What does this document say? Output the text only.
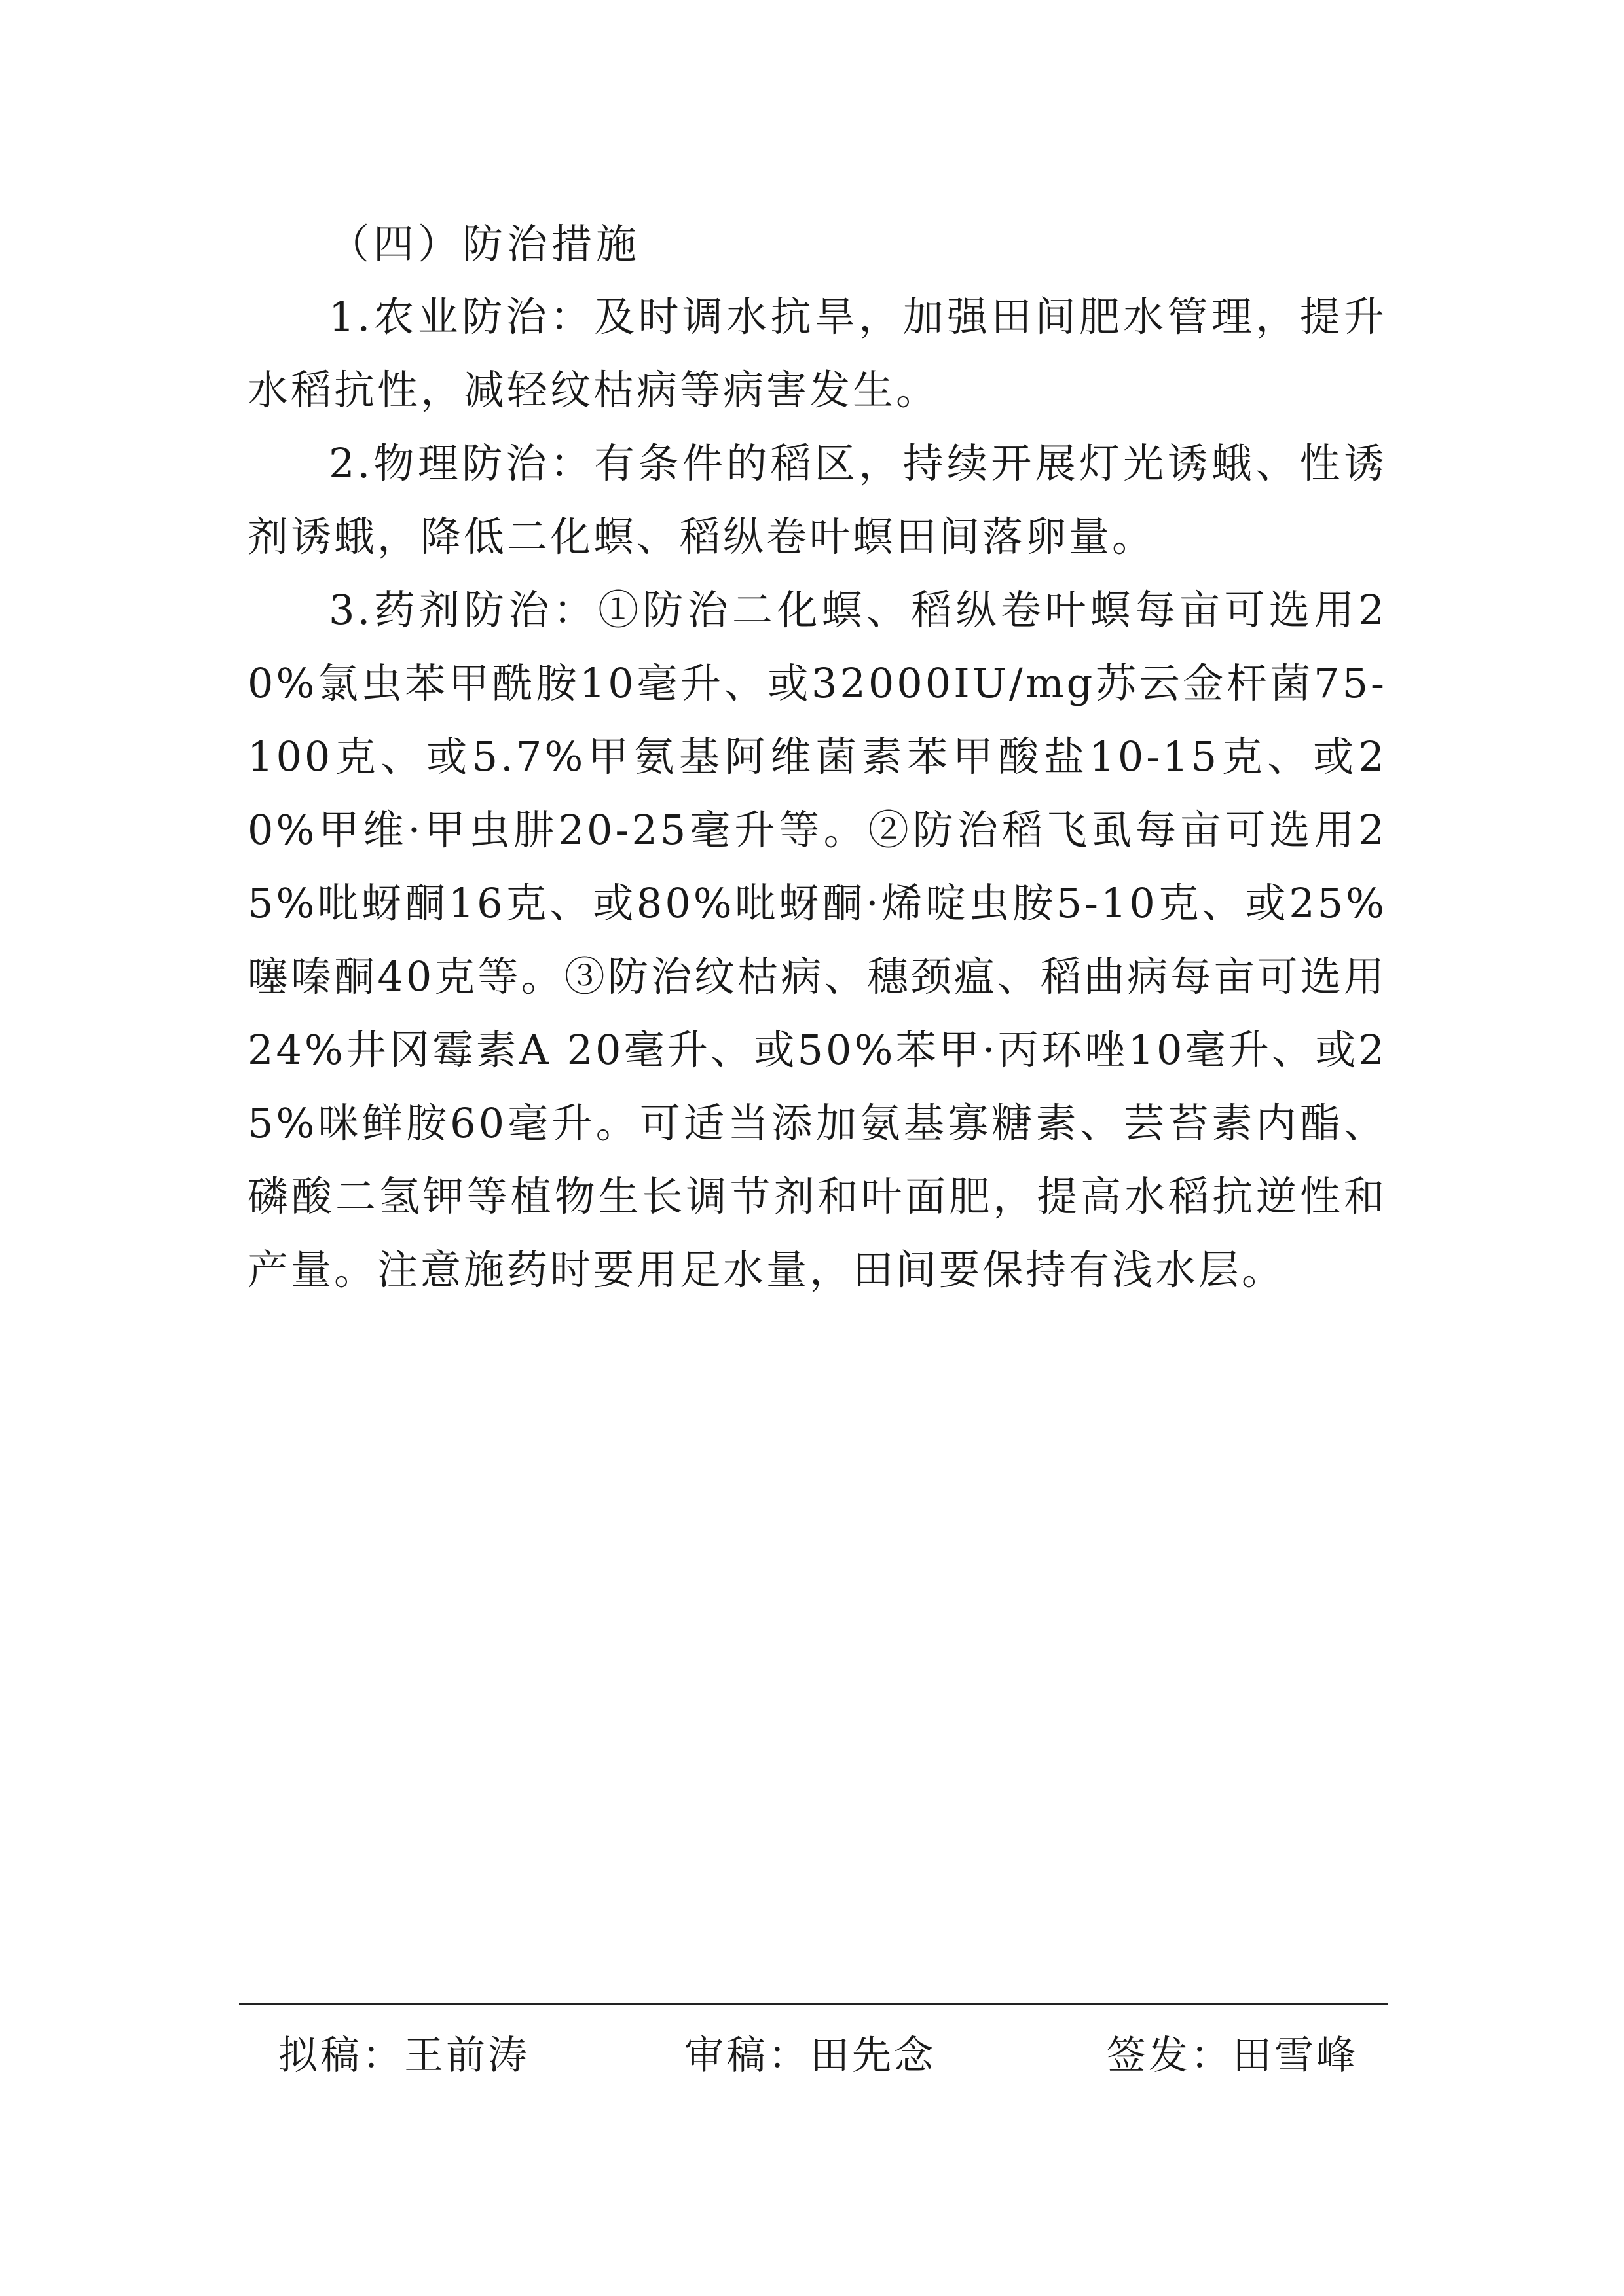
（四）防治措施

1.农业防治：及时调水抗旱，加强田间肥水管理，提升水稻抗性，减轻纹枯病等病害发生。

2.物理防治：有条件的稻区，持续开展灯光诱蛾、性诱剂诱蛾，降低二化螟、稻纵卷叶螟田间落卵量。

3.药剂防治：①防治二化螟、稻纵卷叶螟每亩可选用20%氯虫苯甲酰胺10毫升、或32000IU/mg苏云金杆菌75-100克、或5.7%甲氨基阿维菌素苯甲酸盐10-15克、或20%甲维·甲虫肼20-25毫升等。②防治稻飞虱每亩可选用25%吡蚜酮16克、或80%吡蚜酮·烯啶虫胺5-10克、或25%噻嗪酮40克等。③防治纹枯病、穗颈瘟、稻曲病每亩可选用24%井冈霉素A 20毫升、或50%苯甲·丙环唑10毫升、或25%咪鲜胺60毫升。可适当添加氨基寡糖素、芸苔素内酯、磷酸二氢钾等植物生长调节剂和叶面肥，提高水稻抗逆性和产量。注意施药时要用足水量，田间要保持有浅水层。

拟稿：王前涛	审稿：田先念	签发：田雪峰
